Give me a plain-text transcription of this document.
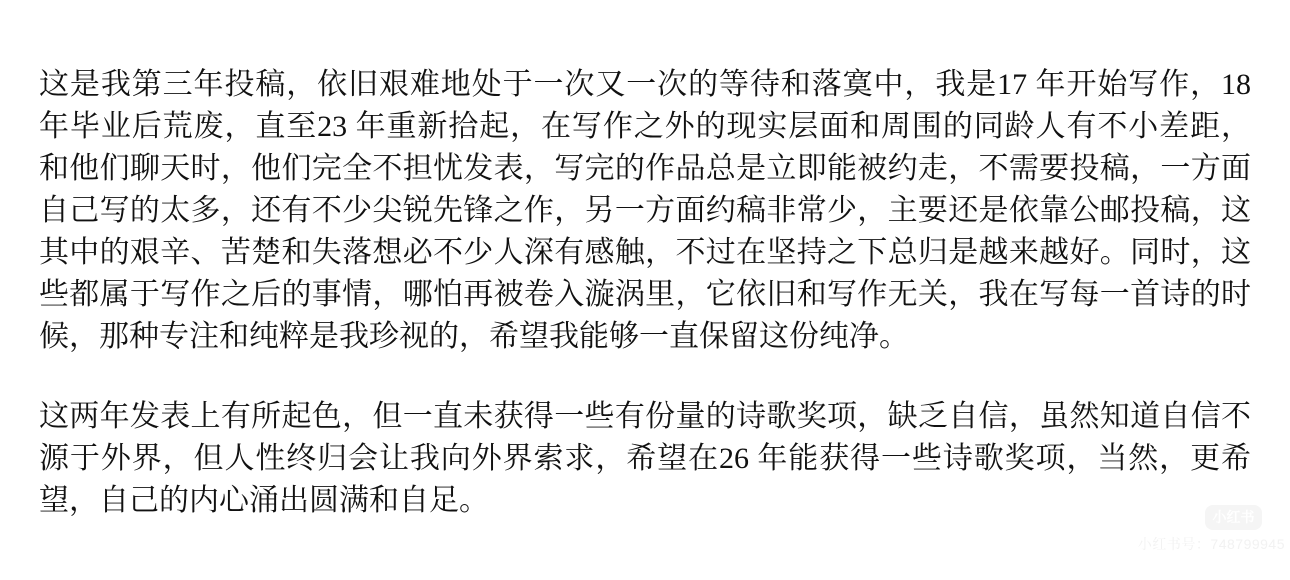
这是我第三年投稿，依旧艰难地处于一次又一次的等待和落寞中，我是17 年开始写作，18
年毕业后荒废，直至23 年重新拾起，在写作之外的现实层面和周围的同龄人有不小差距，
和他们聊天时，他们完全不担忧发表，写完的作品总是立即能被约走，不需要投稿，一方面
自己写的太多，还有不少尖锐先锋之作，另一方面约稿非常少，主要还是依靠公邮投稿，这
其中的艰辛、苦楚和失落想必不少人深有感触，不过在坚持之下总归是越来越好。同时，这
些都属于写作之后的事情，哪怕再被卷入漩涡里，它依旧和写作无关，我在写每一首诗的时
候，那种专注和纯粹是我珍视的，希望我能够一直保留这份纯净。
这两年发表上有所起色，但一直未获得一些有份量的诗歌奖项，缺乏自信，虽然知道自信不
源于外界，但人性终归会让我向外界索求，希望在26 年能获得一些诗歌奖项，当然，更希
望，自己的内心涌出圆满和自足。	小红书
小红书号：748799945
